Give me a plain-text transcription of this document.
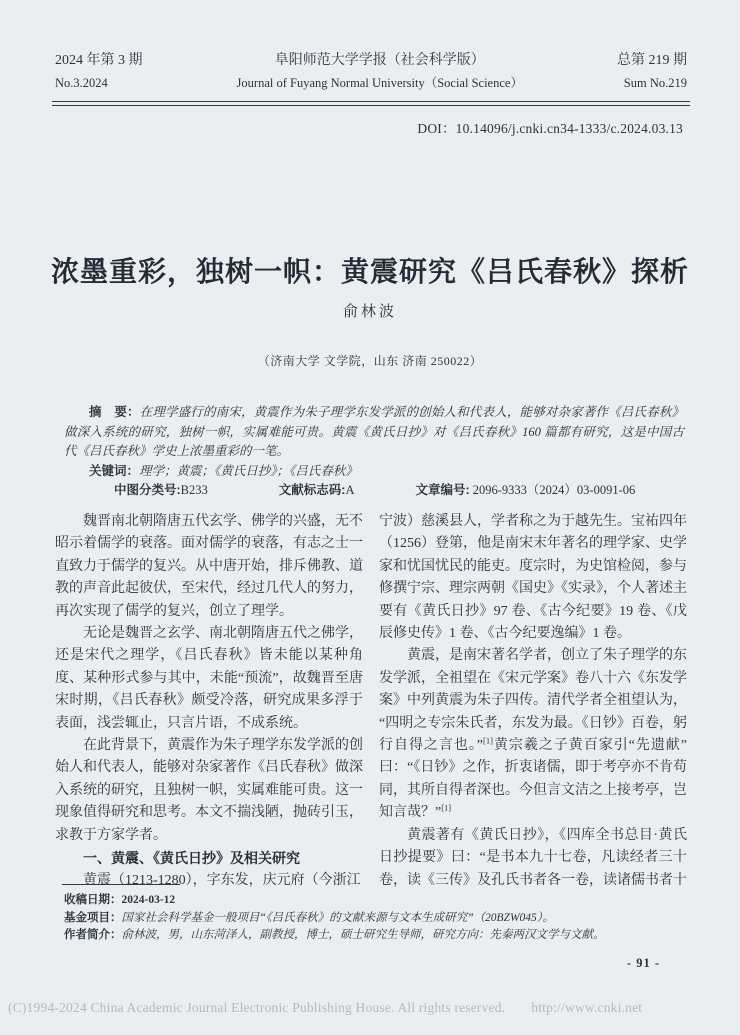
2024 年第 3 期
No.3.2024
阜阳师范大学学报（社会科学版）
Journal of Fuyang Normal University（Social Science）
总第 219 期
Sum No.219
DOI：10.14096/j.cnki.cn34-1333/c.2024.03.13
浓墨重彩，独树一帜：黄震研究《吕氏春秋》探析
俞林波
（济南大学 文学院，山东 济南 250022）

摘　要：在理学盛行的南宋，黄震作为朱子理学东发学派的创始人和代表人，能够对杂家著作《吕氏春秋》做深入系统的研究，独树一帜，实属难能可贵。黄震《黄氏日抄》对《吕氏春秋》160 篇都有研究，这是中国古代《吕氏春秋》学史上浓墨重彩的一笔。

关键词：理学；黄震；《黄氏日抄》；《吕氏春秋》

中图分类号:B233	文献标志码:A	文章编号: 2096-9333（2024）03-0091-06

魏晋南北朝隋唐五代玄学、佛学的兴盛，无不昭示着儒学的衰落。面对儒学的衰落，有志之士一直致力于儒学的复兴。从中唐开始，排斥佛教、道教的声音此起彼伏，至宋代，经过几代人的努力，再次实现了儒学的复兴，创立了理学。

无论是魏晋之玄学、南北朝隋唐五代之佛学，还是宋代之理学，《吕氏春秋》皆未能以某种角度、某种形式参与其中，未能“预流”，故魏晋至唐宋时期，《吕氏春秋》颇受冷落，研究成果多浮于表面，浅尝辄止，只言片语，不成系统。

在此背景下，黄震作为朱子理学东发学派的创始人和代表人，能够对杂家著作《吕氏春秋》做深入系统的研究，且独树一帜，实属难能可贵。这一现象值得研究和思考。本文不揣浅陋，抛砖引玉，求教于方家学者。

一、黄震、《黄氏日抄》及相关研究

黄震（1213-1280），字东发，庆元府（今浙江

宁波）慈溪县人，学者称之为于越先生。宝祐四年（1256）登第，他是南宋末年著名的理学家、史学家和忧国忧民的能吏。度宗时，为史馆检阅，参与修撰宁宗、理宗两朝《国史》《实录》，个人著述主要有《黄氏日抄》97 卷、《古今纪要》19 卷、《戊辰修史传》1 卷、《古今纪要逸编》1 卷。

黄震，是南宋著名学者，创立了朱子理学的东发学派，全祖望在《宋元学案》卷八十六《东发学案》中列黄震为朱子四传。清代学者全祖望认为，“四明之专宗朱氏者，东发为最。《日钞》百卷，躬行自得之言也。”[1]黄宗羲之子黄百家引“先遗献”曰：“《日钞》之作，折衷诸儒，即于考亭亦不肯苟同，其所自得者深也。今但言文洁之上接考亭，岂知言哉？”[1]

黄震著有《黄氏日抄》，《四库全书总目·黄氏日抄提要》曰：“是书本九十七卷，凡读经者三十卷，读《三传》及孔氏书者各一卷，读诸儒书者十

收稿日期：2024-03-12

基金项目：国家社会科学基金一般项目“《吕氏春秋》的文献来源与文本生成研究”（20BZW045）。

作者简介：俞林波，男，山东菏泽人，副教授，博士，硕士研究生导师，研究方向：先秦两汉文学与文献。

- 91 -
(C)1994-2024 China Academic Journal Electronic Publishing House. All rights reserved. http://www.cnki.net
